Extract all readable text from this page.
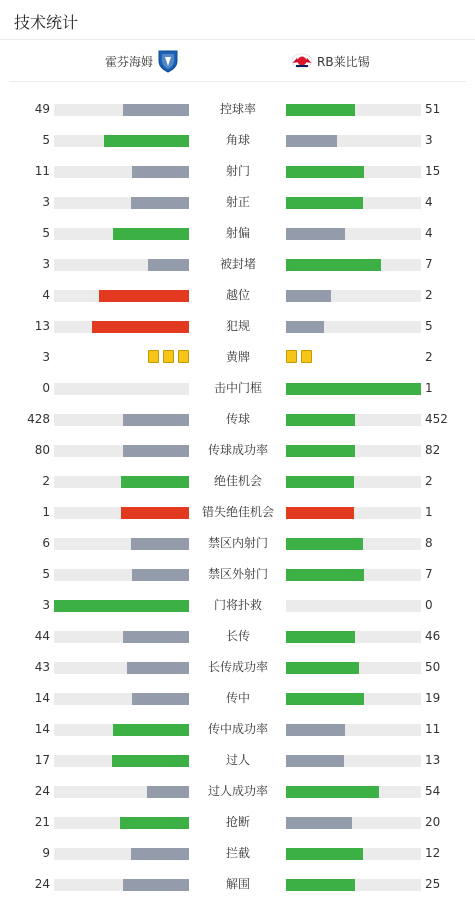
技术统计
霍芬海姆	RB莱比锡
49	控球率	51
5	角球	3
11	射门	15
3	射正	4
5	射偏	4
3	被封堵	7
4	越位	2
13	犯规	5
3	黄牌	2
0	击中门框	1
428	传球	452
80	传球成功率	82
2	绝佳机会	2
1	错失绝佳机会	1
6	禁区内射门	8
5	禁区外射门	7
3	门将扑救	0
44	长传	46
43	长传成功率	50
14	传中	19
14	传中成功率	11
17	过人	13
24	过人成功率	54
21	抢断	20
9	拦截	12
24	解围	25
